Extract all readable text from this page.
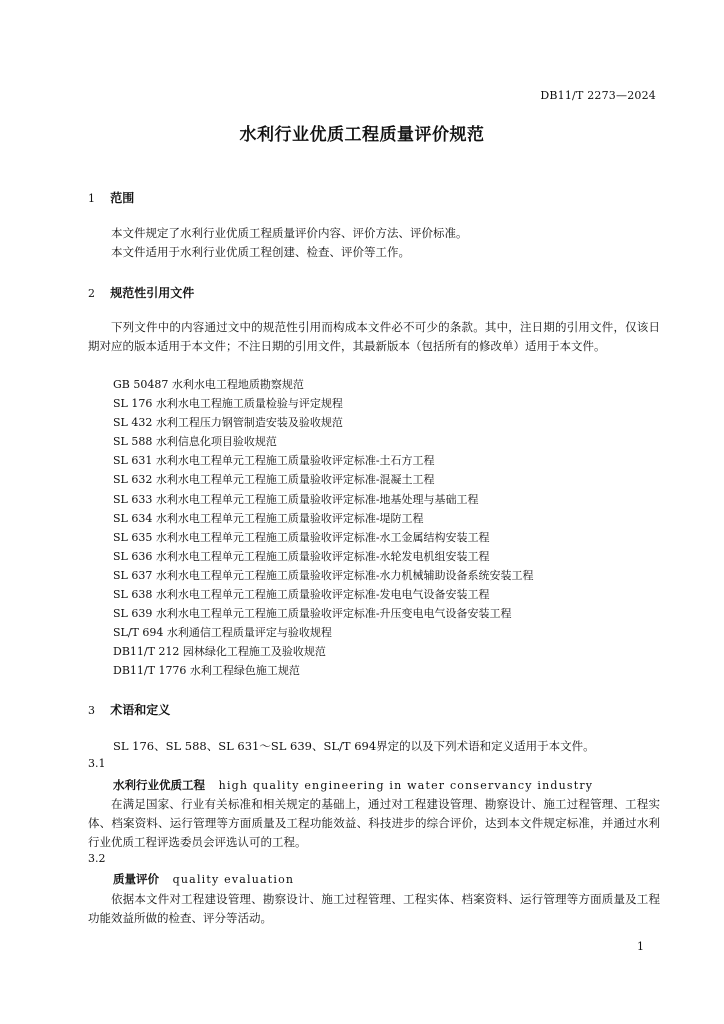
DB11/T 2273—2024
水利行业优质工程质量评价规范
1 范围

本文件规定了水利行业优质工程质量评价内容、评价方法、评价标准。

本文件适用于水利行业优质工程创建、检查、评价等工作。

2 规范性引用文件

下列文件中的内容通过文中的规范性引用而构成本文件必不可少的条款。其中，注日期的引用文件，仅该日期对应的版本适用于本文件；不注日期的引用文件，其最新版本（包括所有的修改单）适用于本文件。

GB 50487 水利水电工程地质勘察规范
SL 176 水利水电工程施工质量检验与评定规程
SL 432 水利工程压力钢管制造安装及验收规范
SL 588 水利信息化项目验收规范
SL 631 水利水电工程单元工程施工质量验收评定标准-土石方工程
SL 632 水利水电工程单元工程施工质量验收评定标准-混凝土工程
SL 633 水利水电工程单元工程施工质量验收评定标准-地基处理与基础工程
SL 634 水利水电工程单元工程施工质量验收评定标准-堤防工程
SL 635 水利水电工程单元工程施工质量验收评定标准-水工金属结构安装工程
SL 636 水利水电工程单元工程施工质量验收评定标准-水轮发电机组安装工程
SL 637 水利水电工程单元工程施工质量验收评定标准-水力机械辅助设备系统安装工程
SL 638 水利水电工程单元工程施工质量验收评定标准-发电电气设备安装工程
SL 639 水利水电工程单元工程施工质量验收评定标准-升压变电电气设备安装工程
SL/T 694 水利通信工程质量评定与验收规程
DB11/T 212 园林绿化工程施工及验收规范
DB11/T 1776 水利工程绿色施工规范
3 术语和定义
SL 176、SL 588、SL 631～SL 639、SL/T 694界定的以及下列术语和定义适用于本文件。
3.1
水利行业优质工程 high quality engineering in water conservancy industry

在满足国家、行业有关标准和相关规定的基础上，通过对工程建设管理、勘察设计、施工过程管理、工程实体、档案资料、运行管理等方面质量及工程功能效益、科技进步的综合评价，达到本文件规定标准，并通过水利行业优质工程评选委员会评选认可的工程。

3.2
质量评价 quality evaluation

依据本文件对工程建设管理、勘察设计、施工过程管理、工程实体、档案资料、运行管理等方面质量及工程功能效益所做的检查、评分等活动。

1
